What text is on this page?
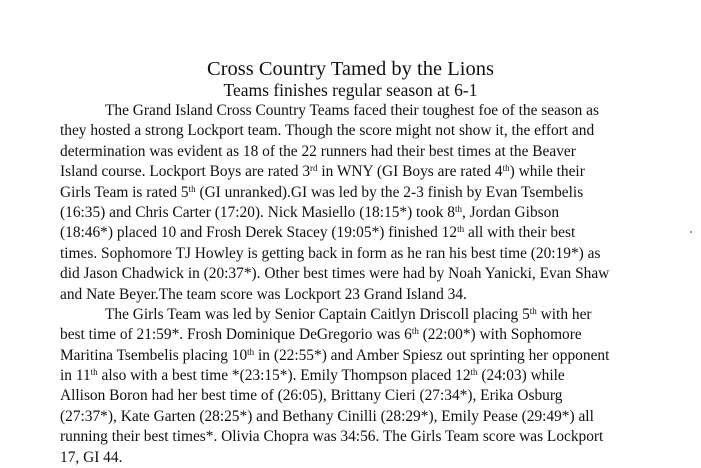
Cross Country Tamed by the Lions
Teams finishes regular season at 6-1
The Grand Island Cross Country Teams faced their toughest foe of the season as
they hosted a strong Lockport team. Though the score might not show it, the effort and
determination was evident as 18 of the 22 runners had their best times at the Beaver
Island course. Lockport Boys are rated 3rd in WNY (GI Boys are rated 4th) while their
Girls Team is rated 5th (GI unranked).GI was led by the 2-3 finish by Evan Tsembelis
(16:35) and Chris Carter (17:20). Nick Masiello (18:15*) took 8th, Jordan Gibson
(18:46*) placed 10 and Frosh Derek Stacey (19:05*) finished 12th all with their best
times. Sophomore TJ Howley is getting back in form as he ran his best time (20:19*) as
did Jason Chadwick in (20:37*). Other best times were had by Noah Yanicki, Evan Shaw
and Nate Beyer.The team score was Lockport 23 Grand Island 34.
The Girls Team was led by Senior Captain Caitlyn Driscoll placing 5th with her
best time of 21:59*. Frosh Dominique DeGregorio was 6th (22:00*) with Sophomore
Maritina Tsembelis placing 10th in (22:55*) and Amber Spiesz out sprinting her opponent
in 11th also with a best time *(23:15*). Emily Thompson placed 12th (24:03) while
Allison Boron had her best time of (26:05), Brittany Cieri (27:34*), Erika Osburg
(27:37*), Kate Garten (28:25*) and Bethany Cinilli (28:29*), Emily Pease (29:49*) all
running their best times*. Olivia Chopra was 34:56. The Girls Team score was Lockport
17, GI 44.
